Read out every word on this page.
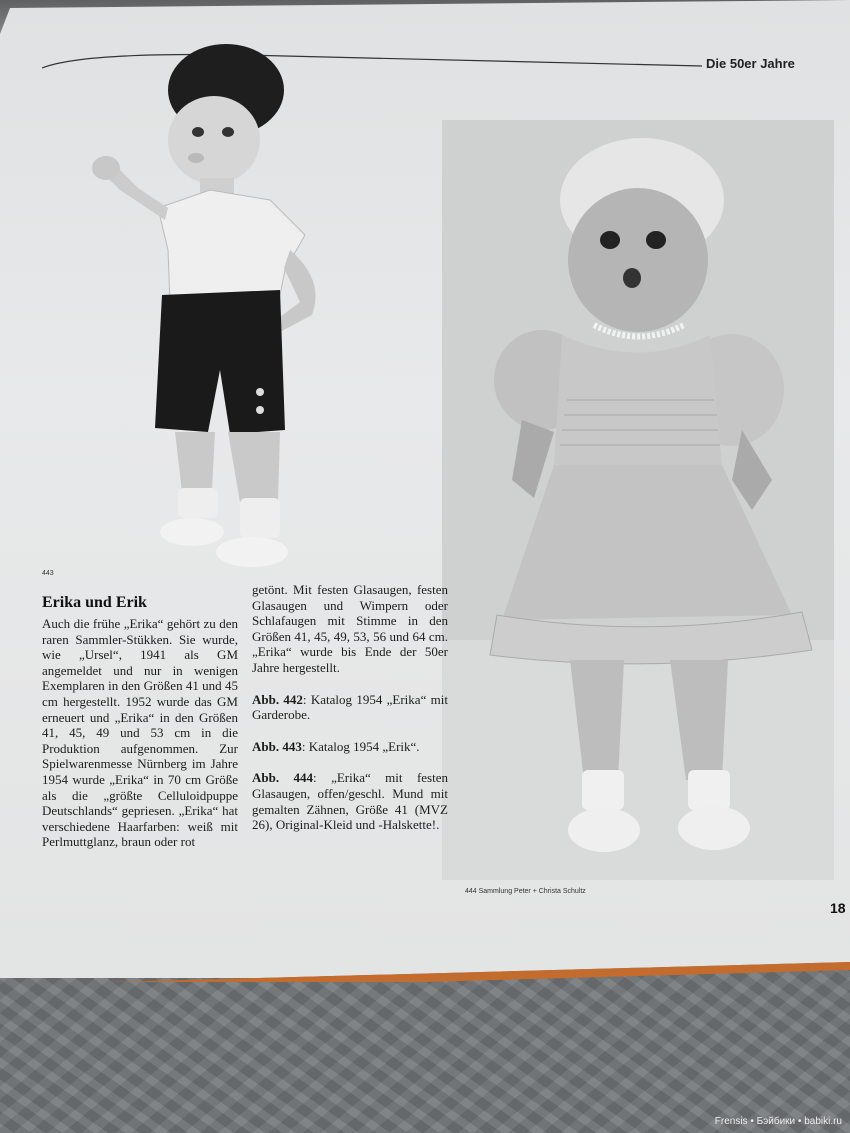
Die 50er Jahre
443
444 Sammlung Peter + Christa Schultz
Erika und Erik

Auch die frühe „Erika“ gehört zu den raren Sammler-Stükken. Sie wurde, wie „Ursel“, 1941 als GM angemeldet und nur in wenigen Exemplaren in den Größen 41 und 45 cm hergestellt. 1952 wurde das GM erneuert und „Erika“ in den Größen 41, 45, 49 und 53 cm in die Produktion aufgenommen. Zur Spielwarenmesse Nürnberg im Jahre 1954 wurde „Erika“ in 70 cm Größe als die „größte Celluloidpuppe Deutschlands“ gepriesen. „Erika“ hat verschiedene Haarfarben: weiß mit Perlmuttglanz, braun oder rot

getönt. Mit festen Glasaugen, festen Glasaugen und Wimpern oder Schlafaugen mit Stimme in den Größen 41, 45, 49, 53, 56 und 64 cm. „Erika“ wurde bis Ende der 50er Jahre hergestellt.

Abb. 442: Katalog 1954 „Erika“ mit Garderobe.

Abb. 443: Katalog 1954 „Erik“.

Abb. 444: „Erika“ mit festen Glasaugen, offen/geschl. Mund mit gemalten Zähnen, Größe 41 (MVZ 26), Original-Kleid und -Halskette!.

18
Frensis • Бэйбики • babiki.ru
